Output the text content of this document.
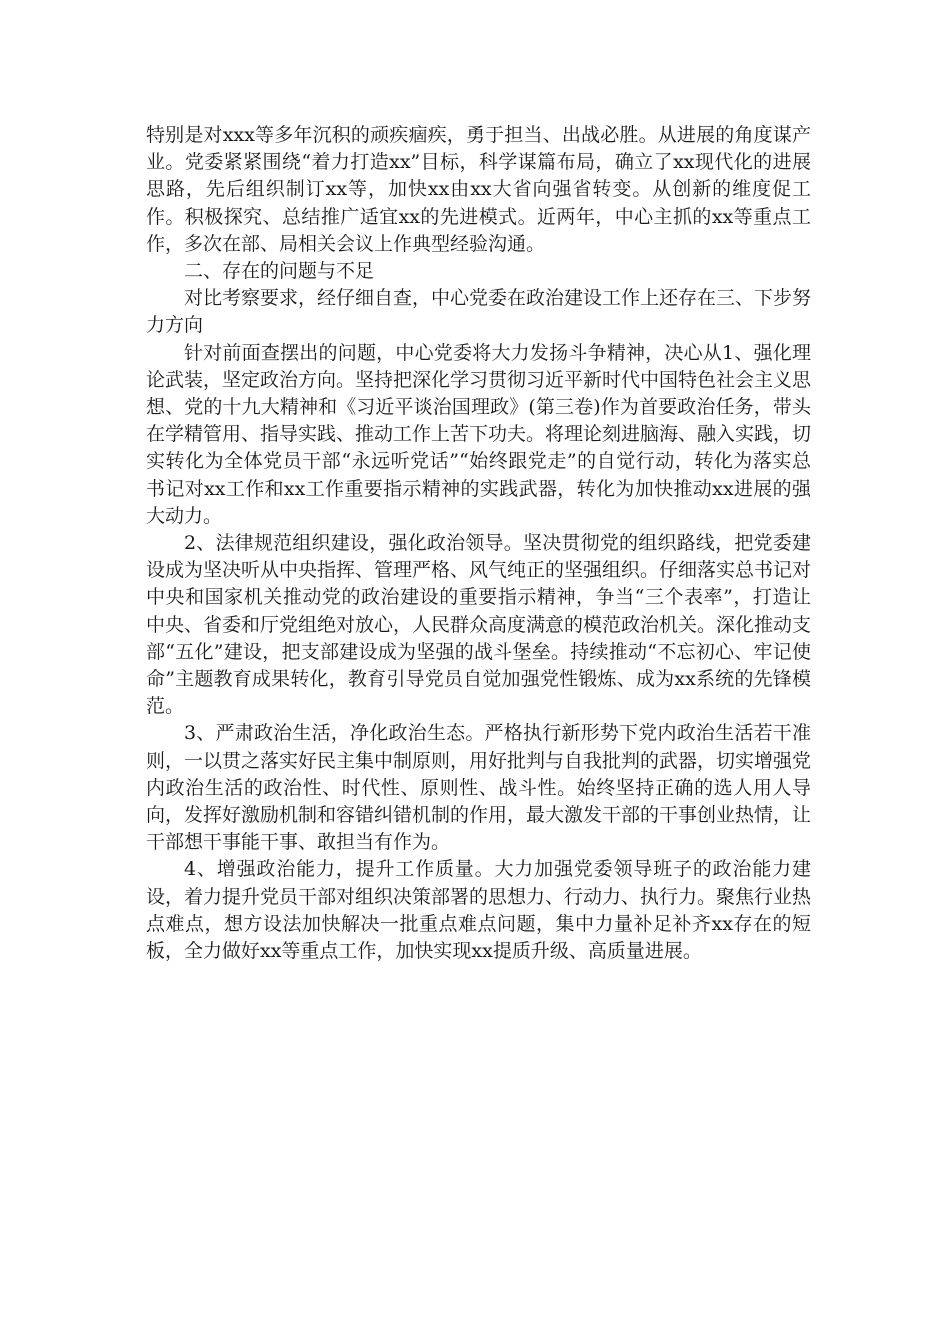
特别是对xxx等多年沉积的顽疾痼疾，勇于担当、出战必胜。从进展的角度谋产业。党委紧紧围绕“着力打造xx”目标，科学谋篇布局，确立了xx现代化的进展思路，先后组织制订xx等，加快xx由xx大省向强省转变。从创新的维度促工作。积极探究、总结推广适宜xx的先进模式。近两年，中心主抓的xx等重点工作，多次在部、局相关会议上作典型经验沟通。

二、存在的问题与不足

对比考察要求，经仔细自查，中心党委在政治建设工作上还存在三、下步努力方向

针对前面查摆出的问题，中心党委将大力发扬斗争精神，决心从1、强化理论武装，坚定政治方向。坚持把深化学习贯彻习近平新时代中国特色社会主义思想、党的十九大精神和《习近平谈治国理政》(第三卷)作为首要政治任务，带头在学精管用、指导实践、推动工作上苦下功夫。将理论刻进脑海、融入实践，切实转化为全体党员干部“永远听党话”“始终跟党走”的自觉行动，转化为落实总书记对xx工作和xx工作重要指示精神的实践武器，转化为加快推动xx进展的强大动力。

2、法律规范组织建设，强化政治领导。坚决贯彻党的组织路线，把党委建设成为坚决听从中央指挥、管理严格、风气纯正的坚强组织。仔细落实总书记对中央和国家机关推动党的政治建设的重要指示精神，争当“三个表率”，打造让中央、省委和厅党组绝对放心，人民群众高度满意的模范政治机关。深化推动支部“五化”建设，把支部建设成为坚强的战斗堡垒。持续推动“不忘初心、牢记使命”主题教育成果转化，教育引导党员自觉加强党性锻炼、成为xx系统的先锋模范。

3、严肃政治生活，净化政治生态。严格执行新形势下党内政治生活若干准则，一以贯之落实好民主集中制原则，用好批判与自我批判的武器，切实增强党内政治生活的政治性、时代性、原则性、战斗性。始终坚持正确的选人用人导向，发挥好激励机制和容错纠错机制的作用，最大激发干部的干事创业热情，让干部想干事能干事、敢担当有作为。

4、增强政治能力，提升工作质量。大力加强党委领导班子的政治能力建设，着力提升党员干部对组织决策部署的思想力、行动力、执行力。聚焦行业热点难点，想方设法加快解决一批重点难点问题，集中力量补足补齐xx存在的短板，全力做好xx等重点工作，加快实现xx提质升级、高质量进展。
